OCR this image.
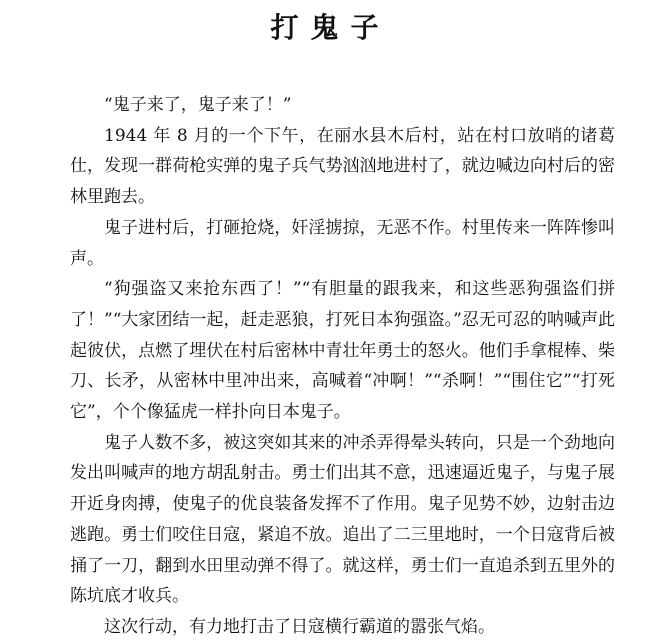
打鬼子

“鬼子来了，鬼子来了！”

1944 年 8 月的一个下午，在丽水县木后村，站在村口放哨的诸葛仕，发现一群荷枪实弹的鬼子兵气势汹汹地进村了，就边喊边向村后的密林里跑去。

鬼子进村后，打砸抢烧，奸淫掳掠，无恶不作。村里传来一阵阵惨叫声。

“狗强盗又来抢东西了！”“有胆量的跟我来，和这些恶狗强盗们拼了！”“大家团结一起，赶走恶狼，打死日本狗强盗。”忍无可忍的呐喊声此起彼伏，点燃了埋伏在村后密林中青壮年勇士的怒火。他们手拿棍棒、柴刀、长矛，从密林中里冲出来，高喊着“冲啊！”“杀啊！”“围住它”“打死它”，个个像猛虎一样扑向日本鬼子。

鬼子人数不多，被这突如其来的冲杀弄得晕头转向，只是一个劲地向发出叫喊声的地方胡乱射击。勇士们出其不意，迅速逼近鬼子，与鬼子展开近身肉搏，使鬼子的优良装备发挥不了作用。鬼子见势不妙，边射击边逃跑。勇士们咬住日寇，紧追不放。追出了二三里地时，一个日寇背后被捅了一刀，翻到水田里动弹不得了。就这样，勇士们一直追杀到五里外的陈坑底才收兵。

这次行动，有力地打击了日寇横行霸道的嚣张气焰。
